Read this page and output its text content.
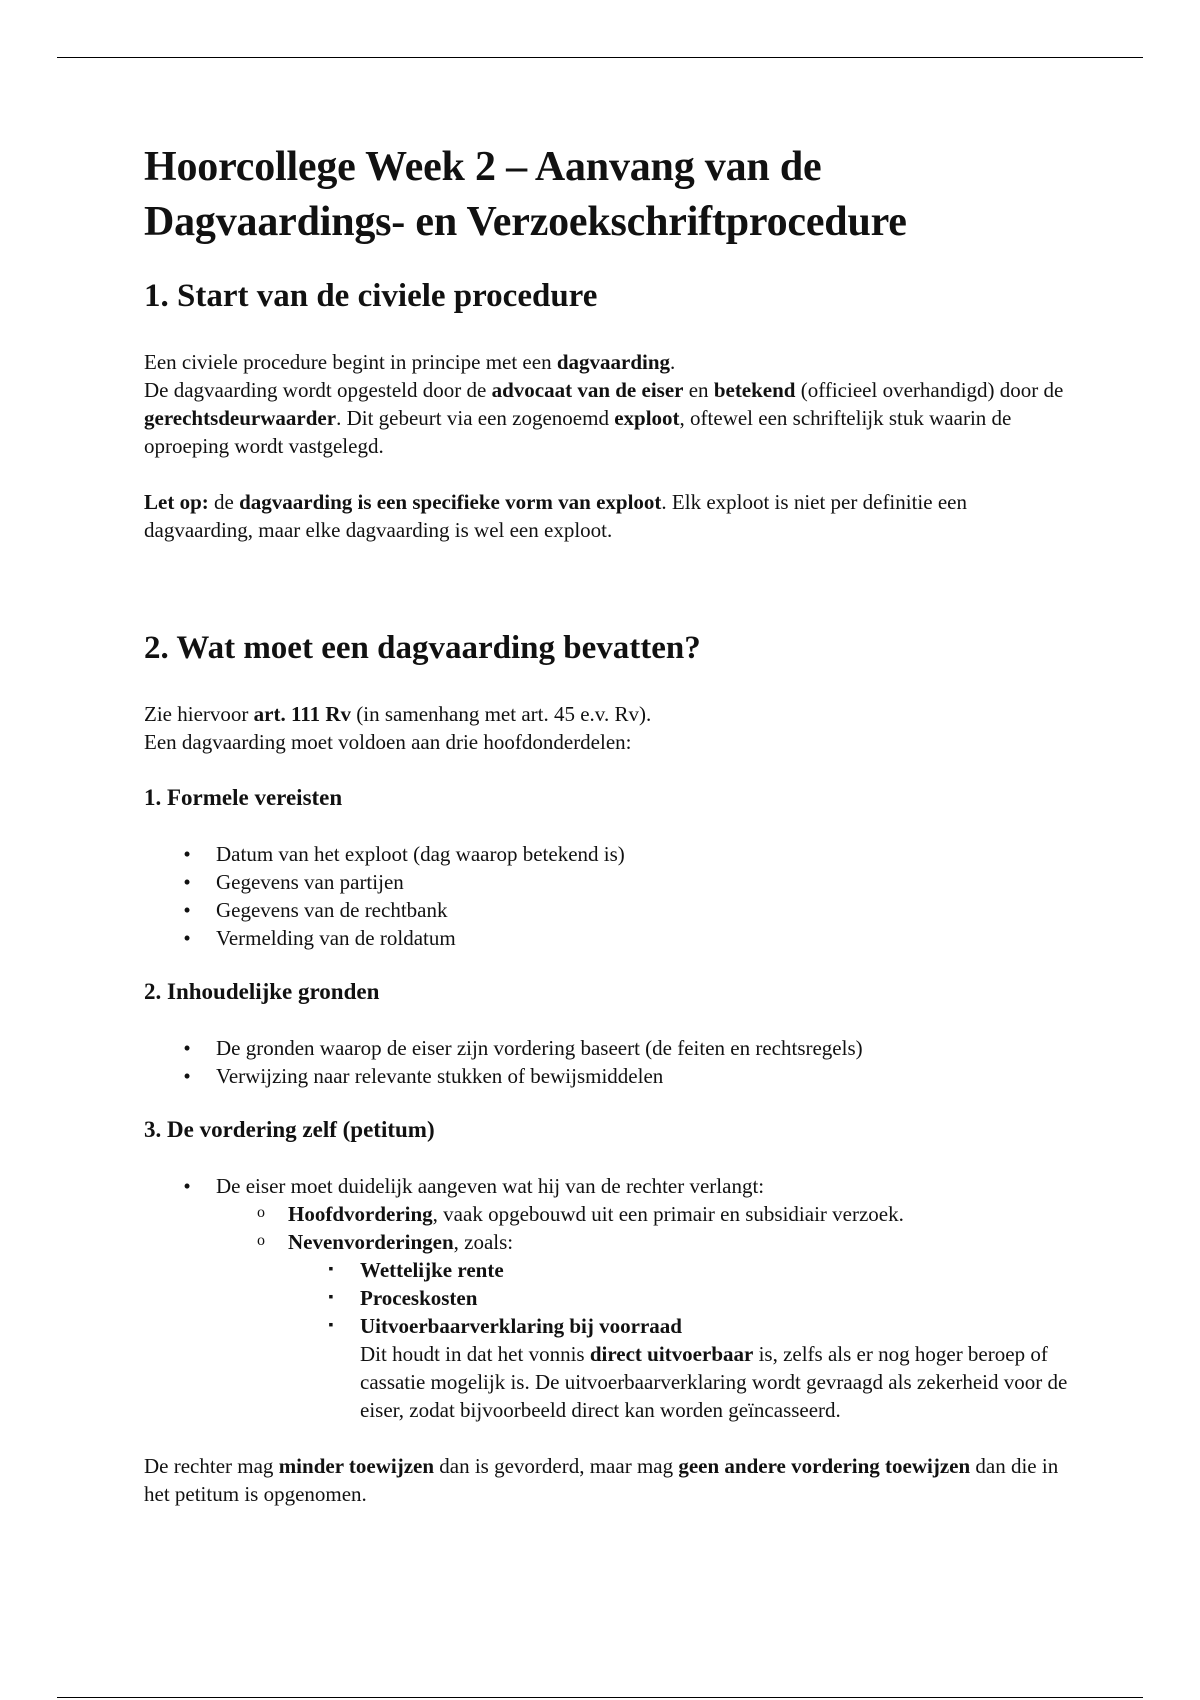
Hoorcollege Week 2 – Aanvang van de Dagvaardings- en Verzoekschriftprocedure
1. Start van de civiele procedure

Een civiele procedure begint in principe met een dagvaarding.

De dagvaarding wordt opgesteld door de advocaat van de eiser en betekend (officieel overhandigd) door de gerechtsdeurwaarder. Dit gebeurt via een zogenoemd exploot, oftewel een schriftelijk stuk waarin de oproeping wordt vastgelegd.

Let op: de dagvaarding is een specifieke vorm van exploot. Elk exploot is niet per definitie een dagvaarding, maar elke dagvaarding is wel een exploot.

2. Wat moet een dagvaarding bevatten?

Zie hiervoor art. 111 Rv (in samenhang met art. 45 e.v. Rv).

Een dagvaarding moet voldoen aan drie hoofdonderdelen:

1. Formele vereisten
• Datum van het exploot (dag waarop betekend is)
• Gegevens van partijen
• Gegevens van de rechtbank
• Vermelding van de roldatum
2. Inhoudelijke gronden
• De gronden waarop de eiser zijn vordering baseert (de feiten en rechtsregels)
• Verwijzing naar relevante stukken of bewijsmiddelen
3. De vordering zelf (petitum)
• De eiser moet duidelijk aangeven wat hij van de rechter verlangt:
o Hoofdvordering, vaak opgebouwd uit een primair en subsidiair verzoek.
o Nevenvorderingen, zoals:
▪ Wettelijke rente
▪ Proceskosten
▪ Uitvoerbaarverklaring bij voorraad
Dit houdt in dat het vonnis direct uitvoerbaar is, zelfs als er nog hoger beroep of cassatie mogelijk is. De uitvoerbaarverklaring wordt gevraagd als zekerheid voor de eiser, zodat bijvoorbeeld direct kan worden geïncasseerd.

De rechter mag minder toewijzen dan is gevorderd, maar mag geen andere vordering toewijzen dan die in het petitum is opgenomen.
